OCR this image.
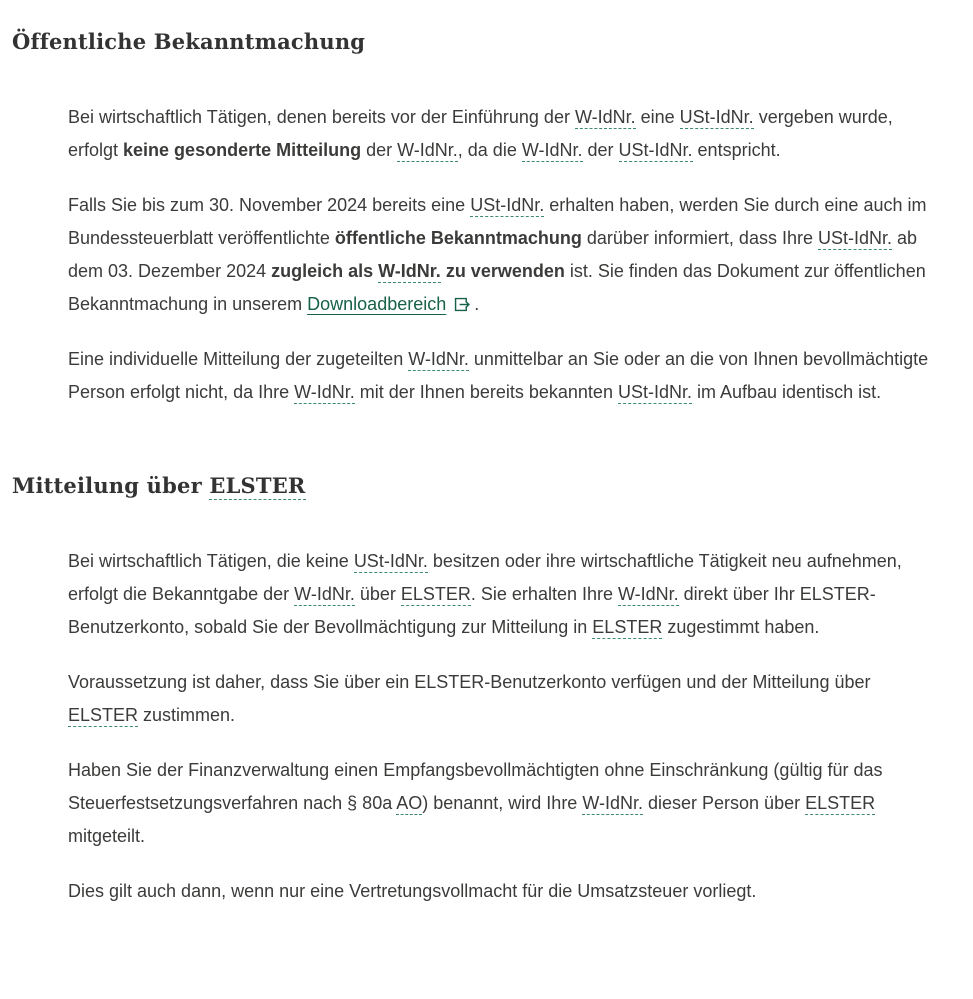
Öffentliche Bekanntmachung

Bei wirtschaftlich Tätigen, denen bereits vor der Einführung der W-IdNr. eine USt-IdNr. vergeben wurde, erfolgt keine gesonderte Mitteilung der W-IdNr., da die W-IdNr. der USt-IdNr. entspricht.

Falls Sie bis zum 30. November 2024 bereits eine USt-IdNr. erhalten haben, werden Sie durch eine auch im Bundessteuerblatt veröffentlichte öffentliche Bekanntmachung darüber informiert, dass Ihre USt-IdNr. ab dem 03. Dezember 2024 zugleich als W-IdNr. zu verwenden ist. Sie finden das Dokument zur öffentlichen Bekanntmachung in unserem Downloadbereich .

Eine individuelle Mitteilung der zugeteilten W-IdNr. unmittelbar an Sie oder an die von Ihnen bevollmächtigte Person erfolgt nicht, da Ihre W-IdNr. mit der Ihnen bereits bekannten USt-IdNr. im Aufbau identisch ist.

Mitteilung über ELSTER

Bei wirtschaftlich Tätigen, die keine USt-IdNr. besitzen oder ihre wirtschaftliche Tätigkeit neu aufnehmen, erfolgt die Bekanntgabe der W-IdNr. über ELSTER. Sie erhalten Ihre W-IdNr. direkt über Ihr ELSTER-Benutzerkonto, sobald Sie der Bevollmächtigung zur Mitteilung in ELSTER zugestimmt haben.

Voraussetzung ist daher, dass Sie über ein ELSTER-Benutzerkonto verfügen und der Mitteilung über ELSTER zustimmen.

Haben Sie der Finanzverwaltung einen Empfangsbevollmächtigten ohne Einschränkung (gültig für das Steuerfestsetzungsverfahren nach § 80a AO) benannt, wird Ihre W-IdNr. dieser Person über ELSTER mitgeteilt.

Dies gilt auch dann, wenn nur eine Vertretungsvollmacht für die Umsatzsteuer vorliegt.
